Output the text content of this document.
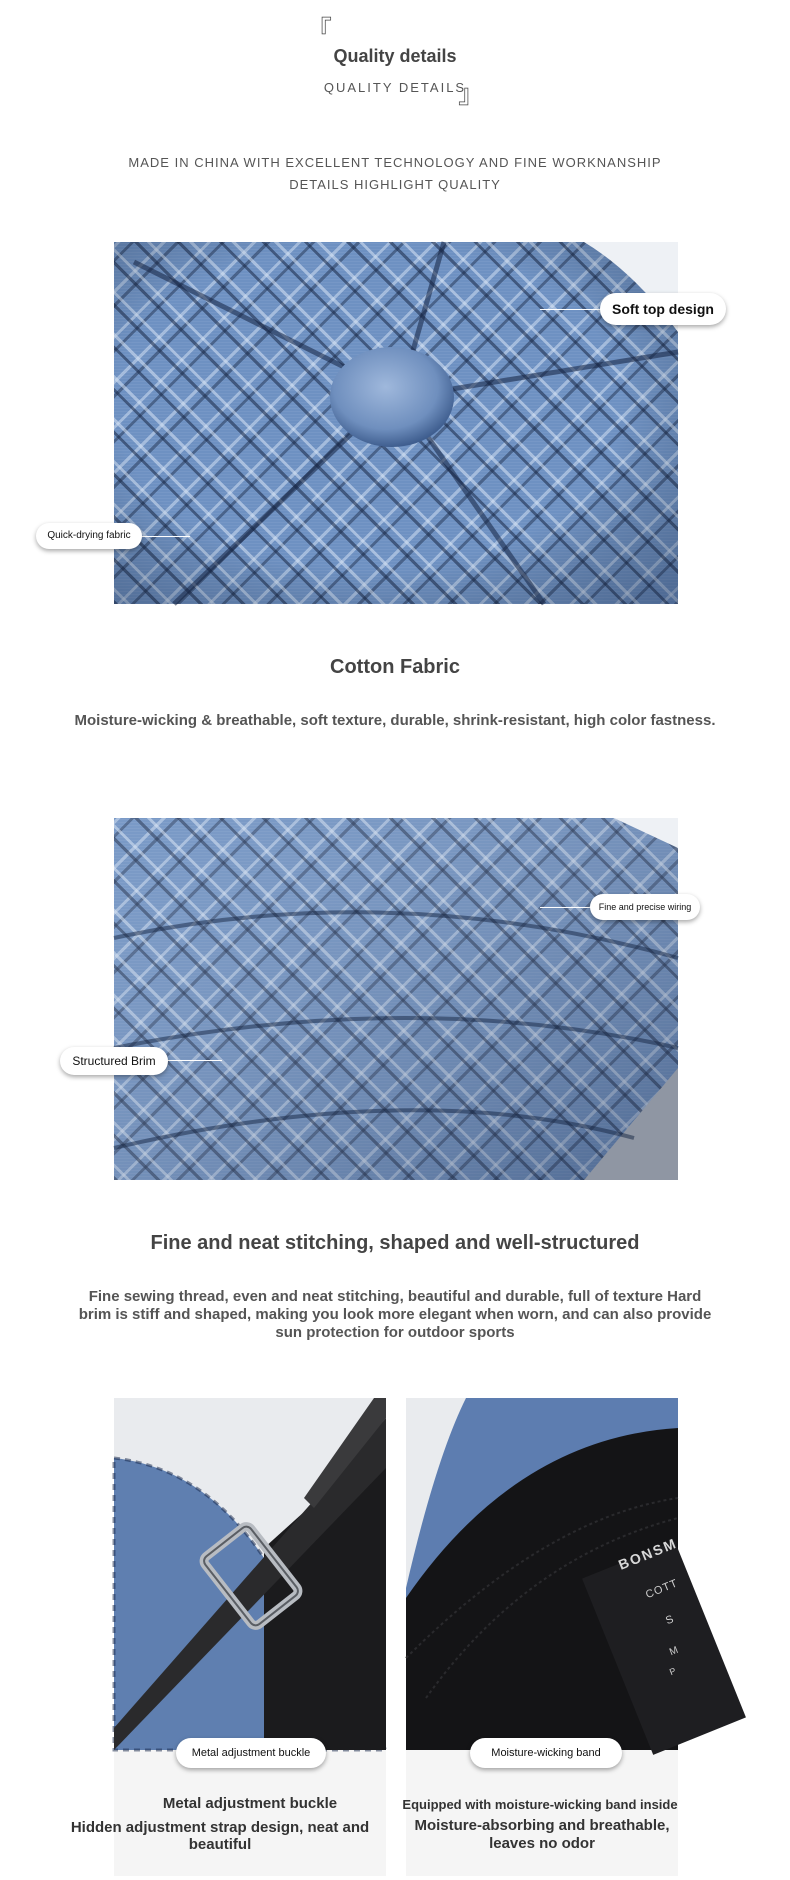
『
Quality details
QUALITY DETAILS
』
MADE IN CHINA WITH EXCELLENT TECHNOLOGY AND FINE WORKNANSHIP
DETAILS HIGHLIGHT QUALITY
Soft top design
Quick-drying fabric
Cotton Fabric
Moisture-wicking & breathable, soft texture, durable, shrink-resistant, high color fastness.
Fine and precise wiring
Structured Brim
Fine and neat stitching, shaped and well-structured
Fine sewing thread, even and neat stitching, beautiful and durable, full of texture Hard
brim is stiff and shaped, making you look more elegant when worn, and can also provide
sun protection for outdoor sports
Metal adjustment buckle
Metal adjustment buckle
Hidden adjustment strap design, neat and beautiful
BONSM
COTT
S
M
P
Moisture-wicking band
Equipped with moisture-wicking band inside
Moisture-absorbing and breathable,
leaves no odor
